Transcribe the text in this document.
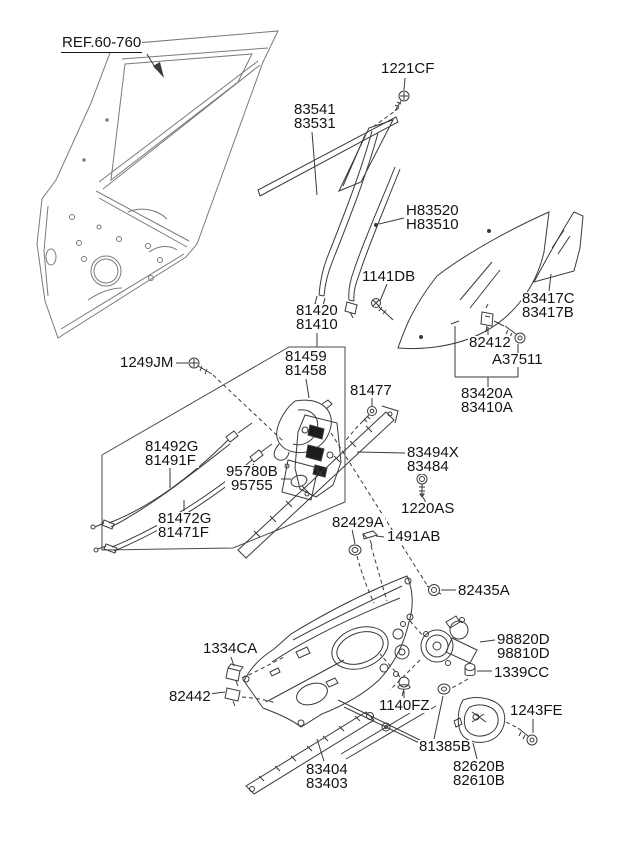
REF.60-760
1221CF
83541
83531
H83520
H83510
1141DB
83417C
83417B
81420
81410
82412
A37511
83420A
83410A
1249JM	81459
81458
81477
81492G
81491F
95780B
95755
81472G
81471F
83494X
83484
1220AS
82429A
1491AB
82435A
98820D
98810D
1339CC
1334CA
82442
1140FZ	1243FE
81385B
83404
83403
82620B
82610B
